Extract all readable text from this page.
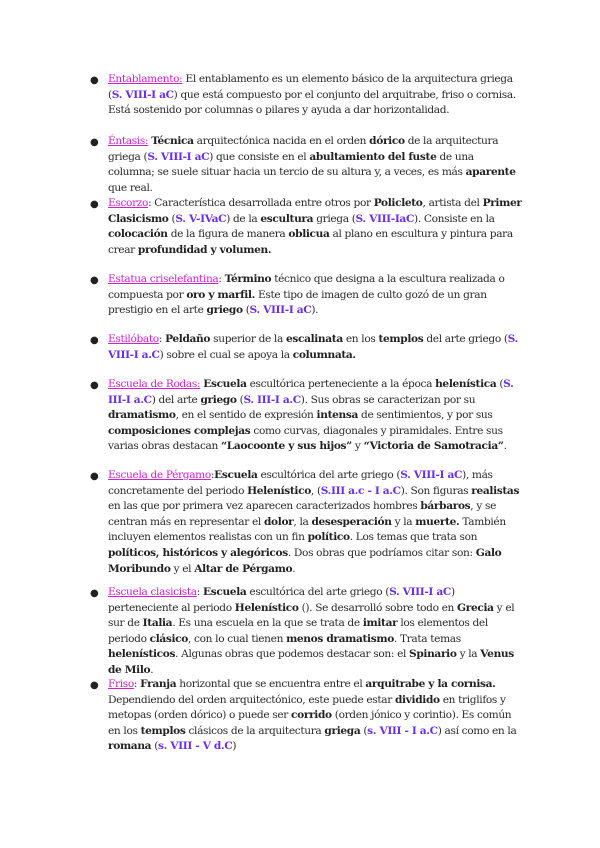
● Entablamento: El entablamento es un elemento básico de la arquitectura griega (S. VIII-I aC) que está compuesto por el conjunto del arquitrabe, friso o cornisa. Está sostenido por columnas o pilares y ayuda a dar horizontalidad.
● Éntasis: Técnica arquitectónica nacida en el orden dórico de la arquitectura griega (S. VIII-I aC) que consiste en el abultamiento del fuste de una columna; se suele situar hacia un tercio de su altura y, a veces, es más aparente que real.
● Escorzo: Característica desarrollada entre otros por Policleto, artista del Primer Clasicismo (S. V-IVaC) de la escultura griega (S. VIII-IaC). Consiste en la colocación de la figura de manera oblicua al plano en escultura y pintura para crear profundidad y volumen.
● Estatua criselefantina: Término técnico que designa a la escultura realizada o compuesta por oro y marfil. Este tipo de imagen de culto gozó de un gran prestigio en el arte griego (S. VIII-I aC).
● Estilóbato: Peldaño superior de la escalinata en los templos del arte griego (S. VIII-I a.C) sobre el cual se apoya la columnata.
● Escuela de Rodas: Escuela escultórica perteneciente a la época helenística (S. III-I a.C) del arte griego (S. III-I a.C). Sus obras se caracterizan por su dramatismo, en el sentido de expresión intensa de sentimientos, y por sus composiciones complejas como curvas, diagonales y piramidales. Entre sus varias obras destacan “Laocoonte y sus hijos” y “Victoria de Samotracia”.
● Escuela de Pérgamo:Escuela escultórica del arte griego (S. VIII-I aC), más concretamente del periodo Helenístico, (S.III a.c - I a.C). Son figuras realistas en las que por primera vez aparecen caracterizados hombres bárbaros, y se centran más en representar el dolor, la desesperación y la muerte. También incluyen elementos realistas con un fin político. Los temas que trata son políticos, históricos y alegóricos. Dos obras que podríamos citar son: Galo Moribundo y el Altar de Pérgamo.
● Escuela clasicista: Escuela escultórica del arte griego (S. VIII-I aC) perteneciente al periodo Helenístico (). Se desarrolló sobre todo en Grecia y el sur de Italia. Es una escuela en la que se trata de imitar los elementos del periodo clásico, con lo cual tienen menos dramatismo. Trata temas helenísticos. Algunas obras que podemos destacar son: el Spinario y la Venus de Milo.
● Friso: Franja horizontal que se encuentra entre el arquitrabe y la cornisa. Dependiendo del orden arquitectónico, este puede estar dividido en triglifos y metopas (orden dórico) o puede ser corrido (orden jónico y corintio). Es común en los templos clásicos de la arquitectura griega (s. VIII - I a.C) así como en la romana (s. VIII - V d.C)
